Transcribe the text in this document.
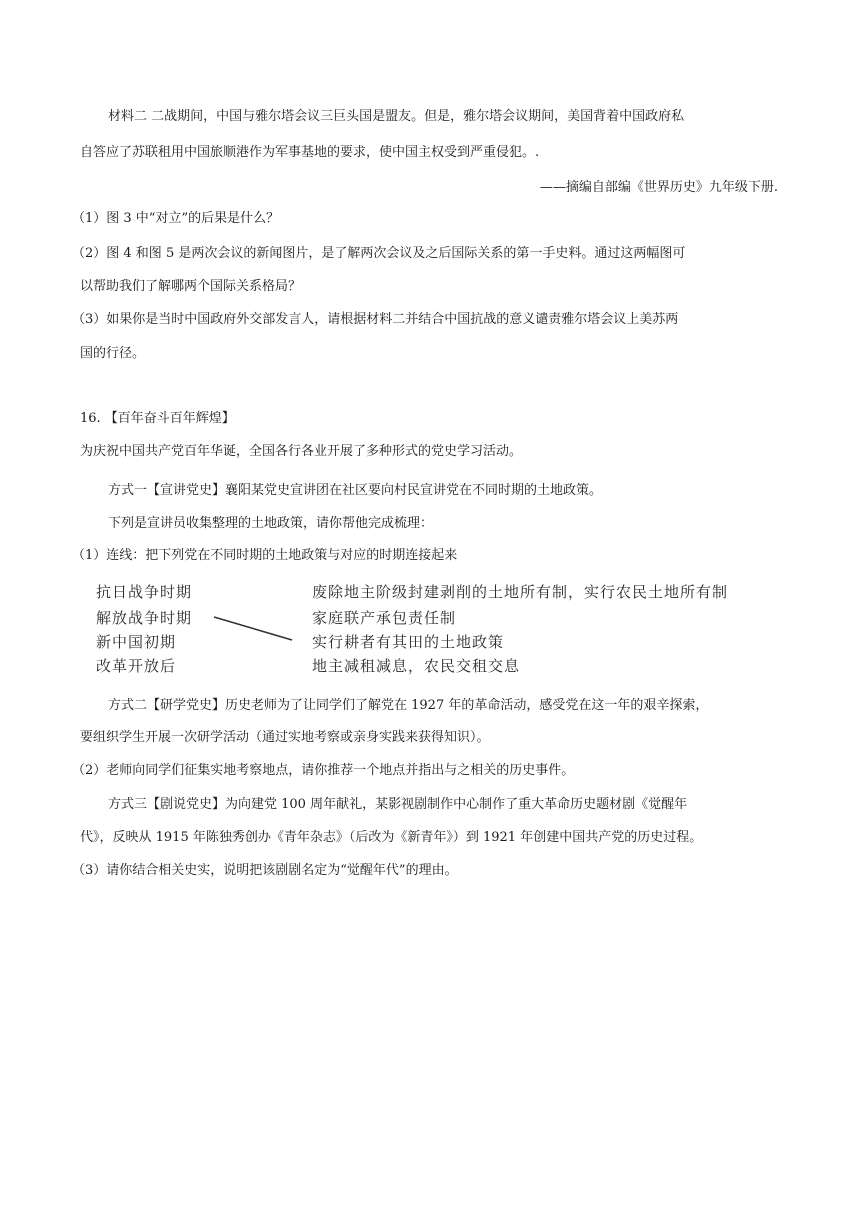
材料二 二战期间，中国与雅尔塔会议三巨头国是盟友。但是，雅尔塔会议期间，美国背着中国政府私
自答应了苏联租用中国旅顺港作为军事基地的要求，使中国主权受到严重侵犯。.
——摘编自部编《世界历史》九年级下册.
（1）图 3 中“对立”的后果是什么？
（2）图 4 和图 5 是两次会议的新闻图片，是了解两次会议及之后国际关系的第一手史料。通过这两幅图可
以帮助我们了解哪两个国际关系格局？
（3）如果你是当时中国政府外交部发言人，请根据材料二并结合中国抗战的意义谴责雅尔塔会议上美苏两
国的行径。
16. 【百年奋斗百年辉煌】
为庆祝中国共产党百年华诞，全国各行各业开展了多种形式的党史学习活动。
方式一【宣讲党史】襄阳某党史宣讲团在社区要向村民宣讲党在不同时期的土地政策。
下列是宣讲员收集整理的土地政策，请你帮他完成梳理：
（1）连线：把下列党在不同时期的土地政策与对应的时期连接起来
抗日战争时期
解放战争时期
新中国初期
改革开放后
废除地主阶级封建剥削的土地所有制，实行农民土地所有制
家庭联产承包责任制
实行耕者有其田的土地政策
地主减租减息，农民交租交息
方式二【研学党史】历史老师为了让同学们了解党在 1927 年的革命活动，感受党在这一年的艰辛探索，
要组织学生开展一次研学活动（通过实地考察或亲身实践来获得知识）。
（2）老师向同学们征集实地考察地点，请你推荐一个地点并指出与之相关的历史事件。
方式三【剧说党史】为向建党 100 周年献礼，某影视剧制作中心制作了重大革命历史题材剧《觉醒年
代》，反映从 1915 年陈独秀创办《青年杂志》（后改为《新青年》）到 1921 年创建中国共产党的历史过程。
（3）请你结合相关史实，说明把该剧剧名定为“觉醒年代”的理由。
